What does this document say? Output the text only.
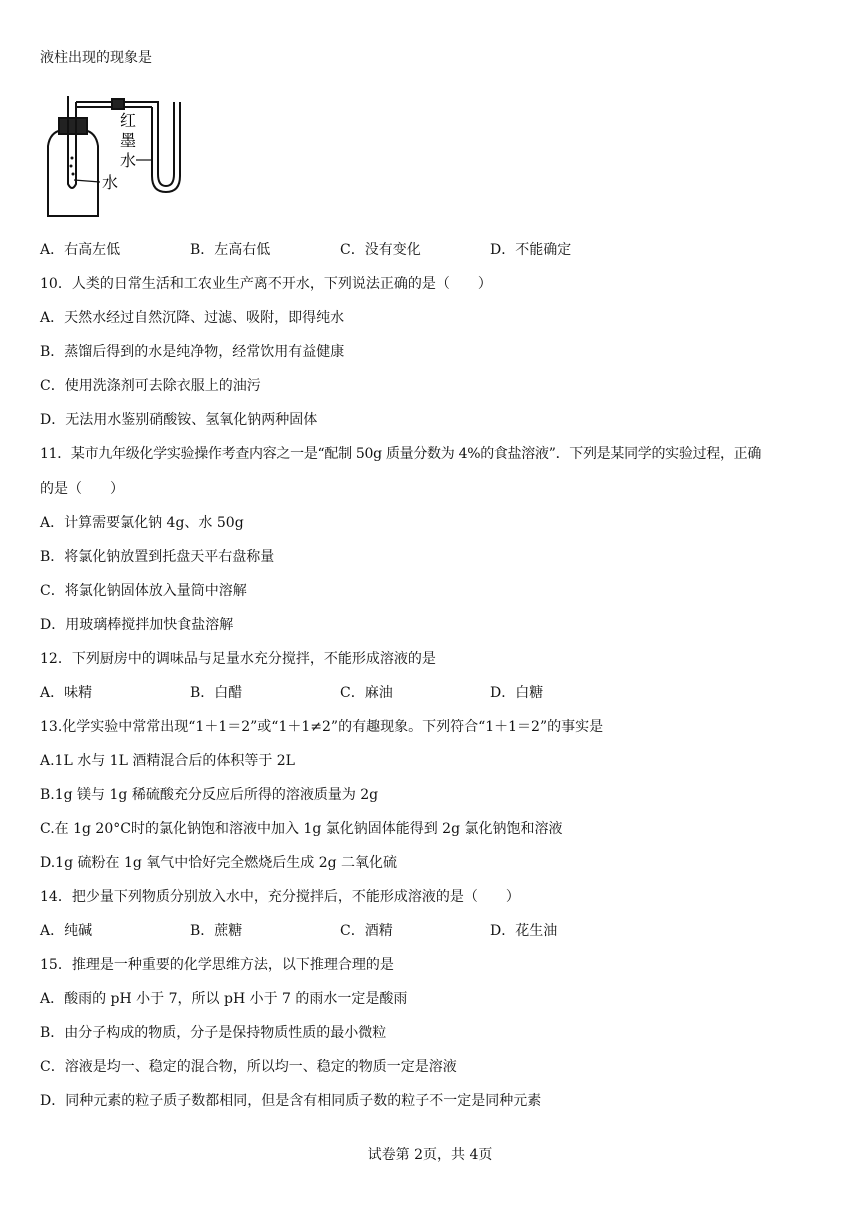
液柱出现的现象是
水
红
墨
水
A．右高左低	B．左高右低	C．没有变化	D．不能确定
10．人类的日常生活和工农业生产离不开水，下列说法正确的是（　　）
A．天然水经过自然沉降、过滤、吸附，即得纯水
B．蒸馏后得到的水是纯净物，经常饮用有益健康
C．使用洗涤剂可去除衣服上的油污
D．无法用水鉴别硝酸铵、氢氧化钠两种固体
11．某市九年级化学实验操作考查内容之一是“配制 50g 质量分数为 4%的食盐溶液”．下列是某同学的实验过程，正确
的是（　　）
A．计算需要氯化钠 4g、水 50g
B．将氯化钠放置到托盘天平右盘称量
C．将氯化钠固体放入量筒中溶解
D．用玻璃棒搅拌加快食盐溶解
12．下列厨房中的调味品与足量水充分搅拌，不能形成溶液的是
A．味精	B．白醋	C．麻油	D．白糖
13.化学实验中常常出现“1＋1＝2”或“1＋1≠2”的有趣现象。下列符合“1＋1＝2”的事实是
A.1L 水与 1L 酒精混合后的体积等于 2L
B.1g 镁与 1g 稀硫酸充分反应后所得的溶液质量为 2g
C.在 1g 20°C时的氯化钠饱和溶液中加入 1g 氯化钠固体能得到 2g 氯化钠饱和溶液
D.1g 硫粉在 1g 氧气中恰好完全燃烧后生成 2g 二氧化硫
14．把少量下列物质分别放入水中，充分搅拌后，不能形成溶液的是（　　）
A．纯碱	B．蔗糖	C．酒精	D．花生油
15．推理是一种重要的化学思维方法，以下推理合理的是
A．酸雨的 pH 小于 7，所以 pH 小于 7 的雨水一定是酸雨
B．由分子构成的物质，分子是保持物质性质的最小微粒
C．溶液是均一、稳定的混合物，所以均一、稳定的物质一定是溶液
D．同种元素的粒子质子数都相同，但是含有相同质子数的粒子不一定是同种元素
试卷第 2页，共 4页
